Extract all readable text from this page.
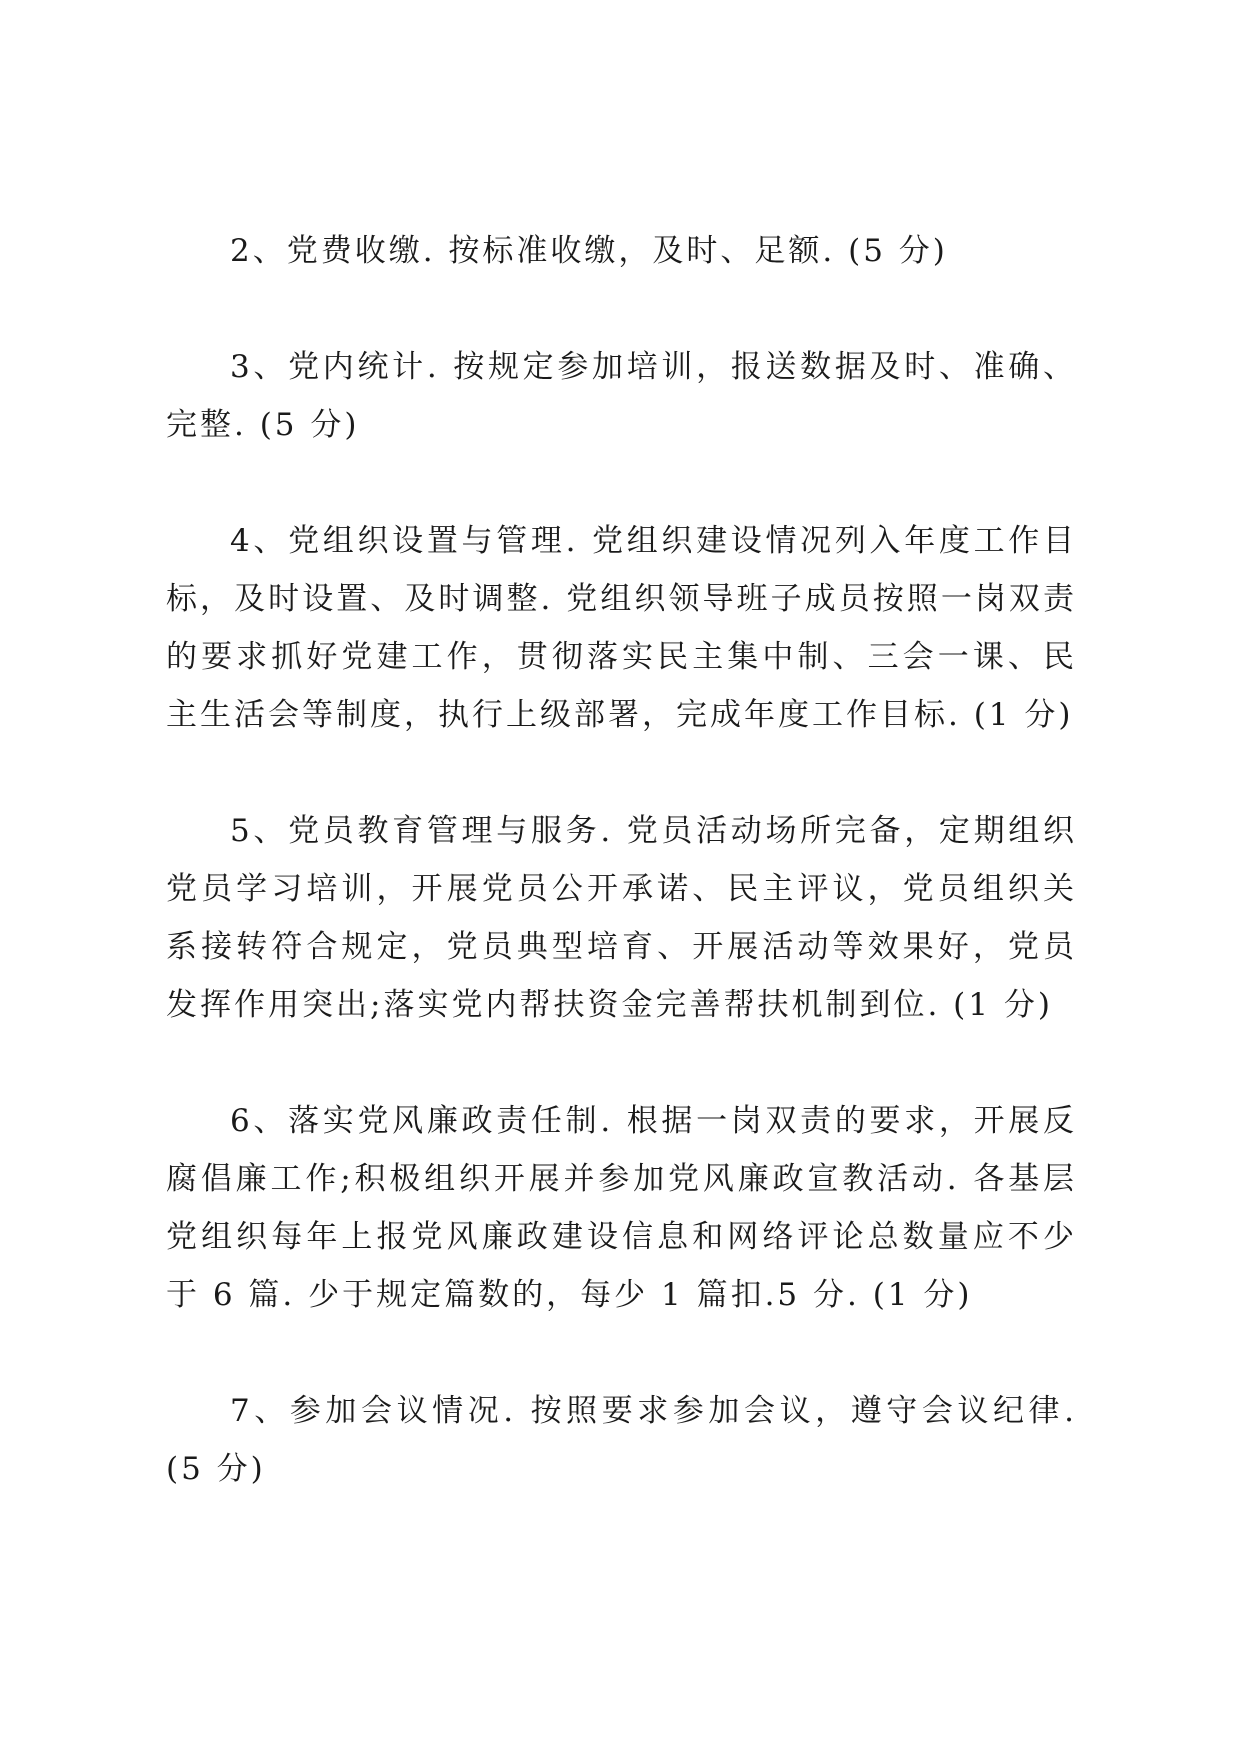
2、党费收缴. 按标准收缴，及时、足额. (5 分)

3、党内统计. 按规定参加培训，报送数据及时、准确、完整. (5 分)

4、党组织设置与管理. 党组织建设情况列入年度工作目标，及时设置、及时调整. 党组织领导班子成员按照一岗双责的要求抓好党建工作，贯彻落实民主集中制、三会一课、民主生活会等制度，执行上级部署，完成年度工作目标. (1 分)

5、党员教育管理与服务. 党员活动场所完备，定期组织党员学习培训，开展党员公开承诺、民主评议，党员组织关系接转符合规定，党员典型培育、开展活动等效果好，党员发挥作用突出;落实党内帮扶资金完善帮扶机制到位. (1 分)

6、落实党风廉政责任制. 根据一岗双责的要求，开展反腐倡廉工作;积极组织开展并参加党风廉政宣教活动. 各基层党组织每年上报党风廉政建设信息和网络评论总数量应不少于 6 篇. 少于规定篇数的，每少 1 篇扣.5 分. (1 分)

7、参加会议情况. 按照要求参加会议，遵守会议纪律. (5 分)
